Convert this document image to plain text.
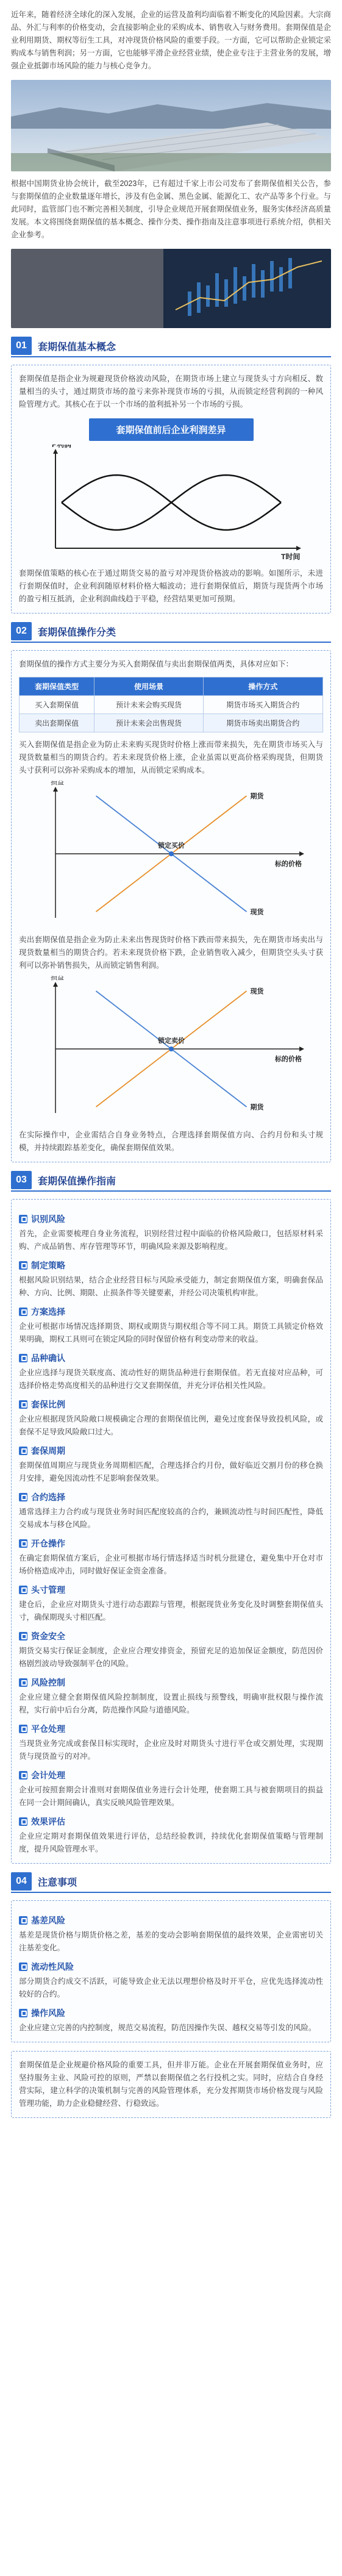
近年来，随着经济全球化的深入发展，企业的运营及盈利均面临着不断变化的风险因素。大宗商品、外汇与利率的价格变动，会直接影响企业的采购成本、销售收入与财务费用。套期保值是企业利用期货、期权等衍生工具，对冲现货价格风险的重要手段。一方面，它可以帮助企业锁定采购成本与销售利润；另一方面，它也能够平滑企业经营业绩，使企业专注于主营业务的发展，增强企业抵御市场风险的能力与核心竞争力。

根据中国期货业协会统计，截至2023年，已有超过千家上市公司发布了套期保值相关公告，参与套期保值的企业数量逐年增长，涉及有色金属、黑色金属、能源化工、农产品等多个行业。与此同时，监管部门也不断完善相关制度，引导企业规范开展套期保值业务，服务实体经济高质量发展。本文将围绕套期保值的基本概念、操作分类、操作指南及注意事项进行系统介绍，供相关企业参考。

01	套期保值基本概念

套期保值是指企业为规避现货价格波动风险，在期货市场上建立与现货头寸方向相反、数量相当的头寸，通过期货市场的盈亏来弥补现货市场的亏损，从而锁定经营利润的一种风险管理方式。其核心在于以一个市场的盈利抵补另一个市场的亏损。

套期保值前后企业利润差异
P利润
T时间

套期保值策略的核心在于通过期货交易的盈亏对冲现货价格波动的影响。如图所示，未进行套期保值时，企业利润随原材料价格大幅波动；进行套期保值后，期货与现货两个市场的盈亏相互抵消，企业利润曲线趋于平稳，经营结果更加可预期。

02	套期保值操作分类

套期保值的操作方式主要分为买入套期保值与卖出套期保值两类，具体对应如下：

套期保值类型	使用场景	操作方式
买入套期保值	预计未来会购买现货	期货市场买入期货合约
卖出套期保值	预计未来会出售现货	期货市场卖出期货合约

买入套期保值是指企业为防止未来购买现货时价格上涨而带来损失，先在期货市场买入与现货数量相当的期货合约。若未来现货价格上涨，企业虽需以更高价格采购现货，但期货头寸获利可以弥补采购成本的增加，从而锁定采购成本。

损益
标的价格
期货
现货
锁定买价

卖出套期保值是指企业为防止未来出售现货时价格下跌而带来损失，先在期货市场卖出与现货数量相当的期货合约。若未来现货价格下跌，企业销售收入减少，但期货空头头寸获利可以弥补销售损失，从而锁定销售利润。

损益
标的价格
现货
期货
锁定卖价

在实际操作中，企业需结合自身业务特点，合理选择套期保值方向、合约月份和头寸规模，并持续跟踪基差变化，确保套期保值效果。

03	套期保值操作指南
识别风险

首先，企业需要梳理自身业务流程，识别经营过程中面临的价格风险敞口，包括原材料采购、产成品销售、库存管理等环节，明确风险来源及影响程度。

制定策略

根据风险识别结果，结合企业经营目标与风险承受能力，制定套期保值方案，明确套保品种、方向、比例、期限、止损条件等关键要素，并经公司决策机构审批。

方案选择

企业可根据市场情况选择期货、期权或期货与期权组合等不同工具。期货工具锁定价格效果明确，期权工具则可在锁定风险的同时保留价格有利变动带来的收益。

品种确认

企业应选择与现货关联度高、流动性好的期货品种进行套期保值。若无直接对应品种，可选择价格走势高度相关的品种进行交叉套期保值，并充分评估相关性风险。

套保比例

企业应根据现货风险敞口规模确定合理的套期保值比例，避免过度套保导致投机风险，或套保不足导致风险敞口过大。

套保周期

套期保值周期应与现货业务周期相匹配，合理选择合约月份，做好临近交割月份的移仓换月安排，避免因流动性不足影响套保效果。

合约选择

通常选择主力合约或与现货业务时间匹配度较高的合约，兼顾流动性与时间匹配性，降低交易成本与移仓风险。

开仓操作

在确定套期保值方案后，企业可根据市场行情选择适当时机分批建仓，避免集中开仓对市场价格造成冲击，同时做好保证金资金准备。

头寸管理

建仓后，企业应对期货头寸进行动态跟踪与管理，根据现货业务变化及时调整套期保值头寸，确保期现头寸相匹配。

资金安全

期货交易实行保证金制度，企业应合理安排资金，预留充足的追加保证金额度，防范因价格剧烈波动导致强制平仓的风险。

风险控制

企业应建立健全套期保值风险控制制度，设置止损线与预警线，明确审批权限与操作流程，实行前中后台分离，防范操作风险与道德风险。

平仓处理

当现货业务完成或套保目标实现时，企业应及时对期货头寸进行平仓或交割处理，实现期货与现货盈亏的对冲。

会计处理

企业可按照套期会计准则对套期保值业务进行会计处理，使套期工具与被套期项目的损益在同一会计期间确认，真实反映风险管理效果。

效果评估

企业应定期对套期保值效果进行评估，总结经验教训，持续优化套期保值策略与管理制度，提升风险管理水平。

04	注意事项
基差风险

基差是现货价格与期货价格之差，基差的变动会影响套期保值的最终效果，企业需密切关注基差变化。

流动性风险

部分期货合约成交不活跃，可能导致企业无法以理想价格及时开平仓，应优先选择流动性较好的合约。

操作风险

企业应建立完善的内控制度，规范交易流程，防范因操作失误、越权交易等引发的风险。

套期保值是企业规避价格风险的重要工具，但并非万能。企业在开展套期保值业务时，应坚持服务主业、风险可控的原则，严禁以套期保值之名行投机之实。同时，应结合自身经营实际，建立科学的决策机制与完善的风险管理体系，充分发挥期货市场价格发现与风险管理功能，助力企业稳健经营、行稳致远。
